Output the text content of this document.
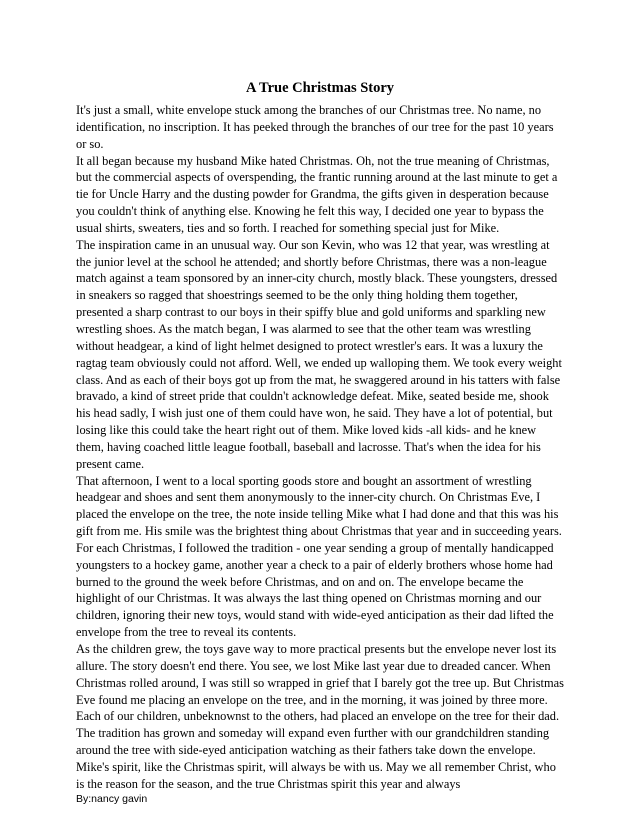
A True Christmas Story

It's just a small, white envelope stuck among the branches of our Christmas tree. No name, no identification, no inscription. It has peeked through the branches of our tree for the past 10 years or so.

It all began because my husband Mike hated Christmas. Oh, not the true meaning of Christmas, but the commercial aspects of overspending, the frantic running around at the last minute to get a tie for Uncle Harry and the dusting powder for Grandma, the gifts given in desperation because you couldn't think of anything else. Knowing he felt this way, I decided one year to bypass the usual shirts, sweaters, ties and so forth. I reached for something special just for Mike.

The inspiration came in an unusual way. Our son Kevin, who was 12 that year, was wrestling at the junior level at the school he attended; and shortly before Christmas, there was a non-league match against a team sponsored by an inner-city church, mostly black. These youngsters, dressed in sneakers so ragged that shoestrings seemed to be the only thing holding them together, presented a sharp contrast to our boys in their spiffy blue and gold uniforms and sparkling new wrestling shoes. As the match began, I was alarmed to see that the other team was wrestling without headgear, a kind of light helmet designed to protect wrestler's ears. It was a luxury the ragtag team obviously could not afford. Well, we ended up walloping them. We took every weight class. And as each of their boys got up from the mat, he swaggered around in his tatters with false bravado, a kind of street pride that couldn't acknowledge defeat. Mike, seated beside me, shook his head sadly, I wish just one of them could have won, he said. They have a lot of potential, but losing like this could take the heart right out of them. Mike loved kids -all kids- and he knew them, having coached little league football, baseball and lacrosse. That's when the idea for his present came.

That afternoon, I went to a local sporting goods store and bought an assortment of wrestling headgear and shoes and sent them anonymously to the inner-city church. On Christmas Eve, I placed the envelope on the tree, the note inside telling Mike what I had done and that this was his gift from me. His smile was the brightest thing about Christmas that year and in succeeding years.

For each Christmas, I followed the tradition - one year sending a group of mentally handicapped youngsters to a hockey game, another year a check to a pair of elderly brothers whose home had burned to the ground the week before Christmas, and on and on. The envelope became the highlight of our Christmas. It was always the last thing opened on Christmas morning and our children, ignoring their new toys, would stand with wide-eyed anticipation as their dad lifted the envelope from the tree to reveal its contents.

As the children grew, the toys gave way to more practical presents but the envelope never lost its allure. The story doesn't end there. You see, we lost Mike last year due to dreaded cancer. When Christmas rolled around, I was still so wrapped in grief that I barely got the tree up. But Christmas Eve found me placing an envelope on the tree, and in the morning, it was joined by three more. Each of our children, unbeknownst to the others, had placed an envelope on the tree for their dad.

The tradition has grown and someday will expand even further with our grandchildren standing around the tree with side-eyed anticipation watching as their fathers take down the envelope. Mike's spirit, like the Christmas spirit, will always be with us. May we all remember Christ, who is the reason for the season, and the true Christmas spirit this year and always

By:nancy gavin
